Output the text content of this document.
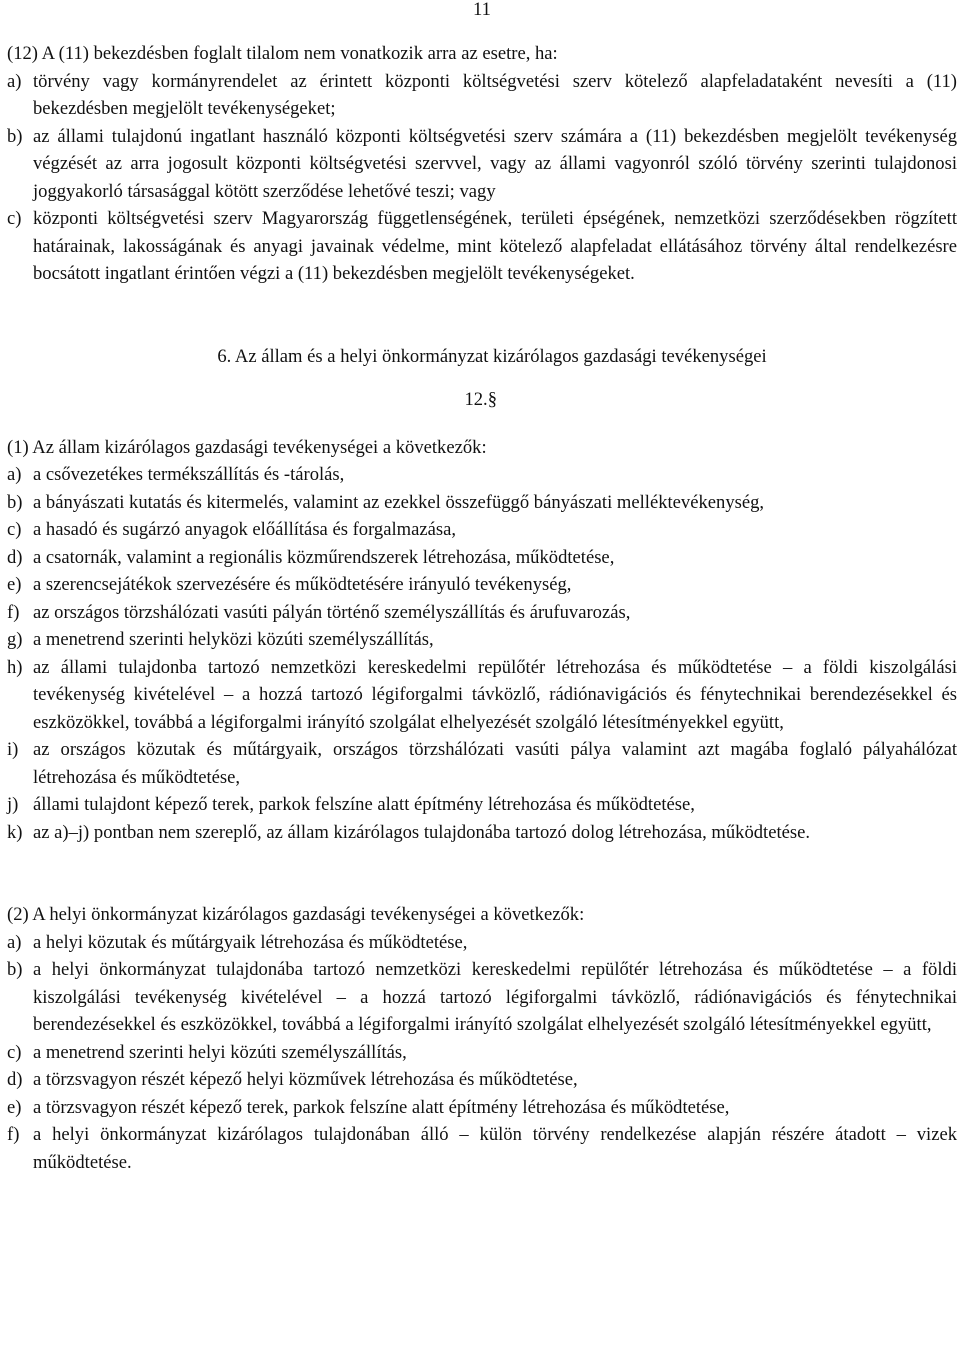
11
(12) A (11) bekezdésben foglalt tilalom nem vonatkozik arra az esetre, ha:
a) törvény vagy kormányrendelet az érintett központi költségvetési szerv kötelező alapfeladataként nevesíti a (11) bekezdésben megjelölt tevékenységeket;
b) az állami tulajdonú ingatlant használó központi költségvetési szerv számára a (11) bekezdésben megjelölt tevékenység végzését az arra jogosult központi költségvetési szervvel, vagy az állami vagyonról szóló törvény szerinti tulajdonosi joggyakorló társasággal kötött szerződése lehetővé teszi; vagy
c) központi költségvetési szerv Magyarország függetlenségének, területi épségének, nemzetközi szerződésekben rögzített határainak, lakosságának és anyagi javainak védelme, mint kötelező alapfeladat ellátásához törvény által rendelkezésre bocsátott ingatlant érintően végzi a (11) bekezdésben megjelölt tevékenységeket.
6. Az állam és a helyi önkormányzat kizárólagos gazdasági tevékenységei
12.§
(1) Az állam kizárólagos gazdasági tevékenységei a következők:
a) a csővezetékes termékszállítás és -tárolás,
b) a bányászati kutatás és kitermelés, valamint az ezekkel összefüggő bányászati melléktevékenység,
c) a hasadó és sugárzó anyagok előállítása és forgalmazása,
d) a csatornák, valamint a regionális közműrendszerek létrehozása, működtetése,
e) a szerencsejátékok szervezésére és működtetésére irányuló tevékenység,
f) az országos törzshálózati vasúti pályán történő személyszállítás és árufuvarozás,
g) a menetrend szerinti helyközi közúti személyszállítás,
h) az állami tulajdonba tartozó nemzetközi kereskedelmi repülőtér létrehozása és működtetése – a földi kiszolgálási tevékenység kivételével – a hozzá tartozó légiforgalmi távközlő, rádiónavigációs és fénytechnikai berendezésekkel és eszközökkel, továbbá a légiforgalmi irányító szolgálat elhelyezését szolgáló létesítményekkel együtt,
i) az országos közutak és műtárgyaik, országos törzshálózati vasúti pálya valamint azt magába foglaló pályahálózat létrehozása és működtetése,
j) állami tulajdont képező terek, parkok felszíne alatt építmény létrehozása és működtetése,
k) az a)–j) pontban nem szereplő, az állam kizárólagos tulajdonába tartozó dolog létrehozása, működtetése.
(2) A helyi önkormányzat kizárólagos gazdasági tevékenységei a következők:
a) a helyi közutak és műtárgyaik létrehozása és működtetése,
b) a helyi önkormányzat tulajdonába tartozó nemzetközi kereskedelmi repülőtér létrehozása és működtetése – a földi kiszolgálási tevékenység kivételével – a hozzá tartozó légiforgalmi távközlő, rádiónavigációs és fénytechnikai berendezésekkel és eszközökkel, továbbá a légiforgalmi irányító szolgálat elhelyezését szolgáló létesítményekkel együtt,
c) a menetrend szerinti helyi közúti személyszállítás,
d) a törzsvagyon részét képező helyi közművek létrehozása és működtetése,
e) a törzsvagyon részét képező terek, parkok felszíne alatt építmény létrehozása és működtetése,
f) a helyi önkormányzat kizárólagos tulajdonában álló – külön törvény rendelkezése alapján részére átadott – vizek működtetése.
